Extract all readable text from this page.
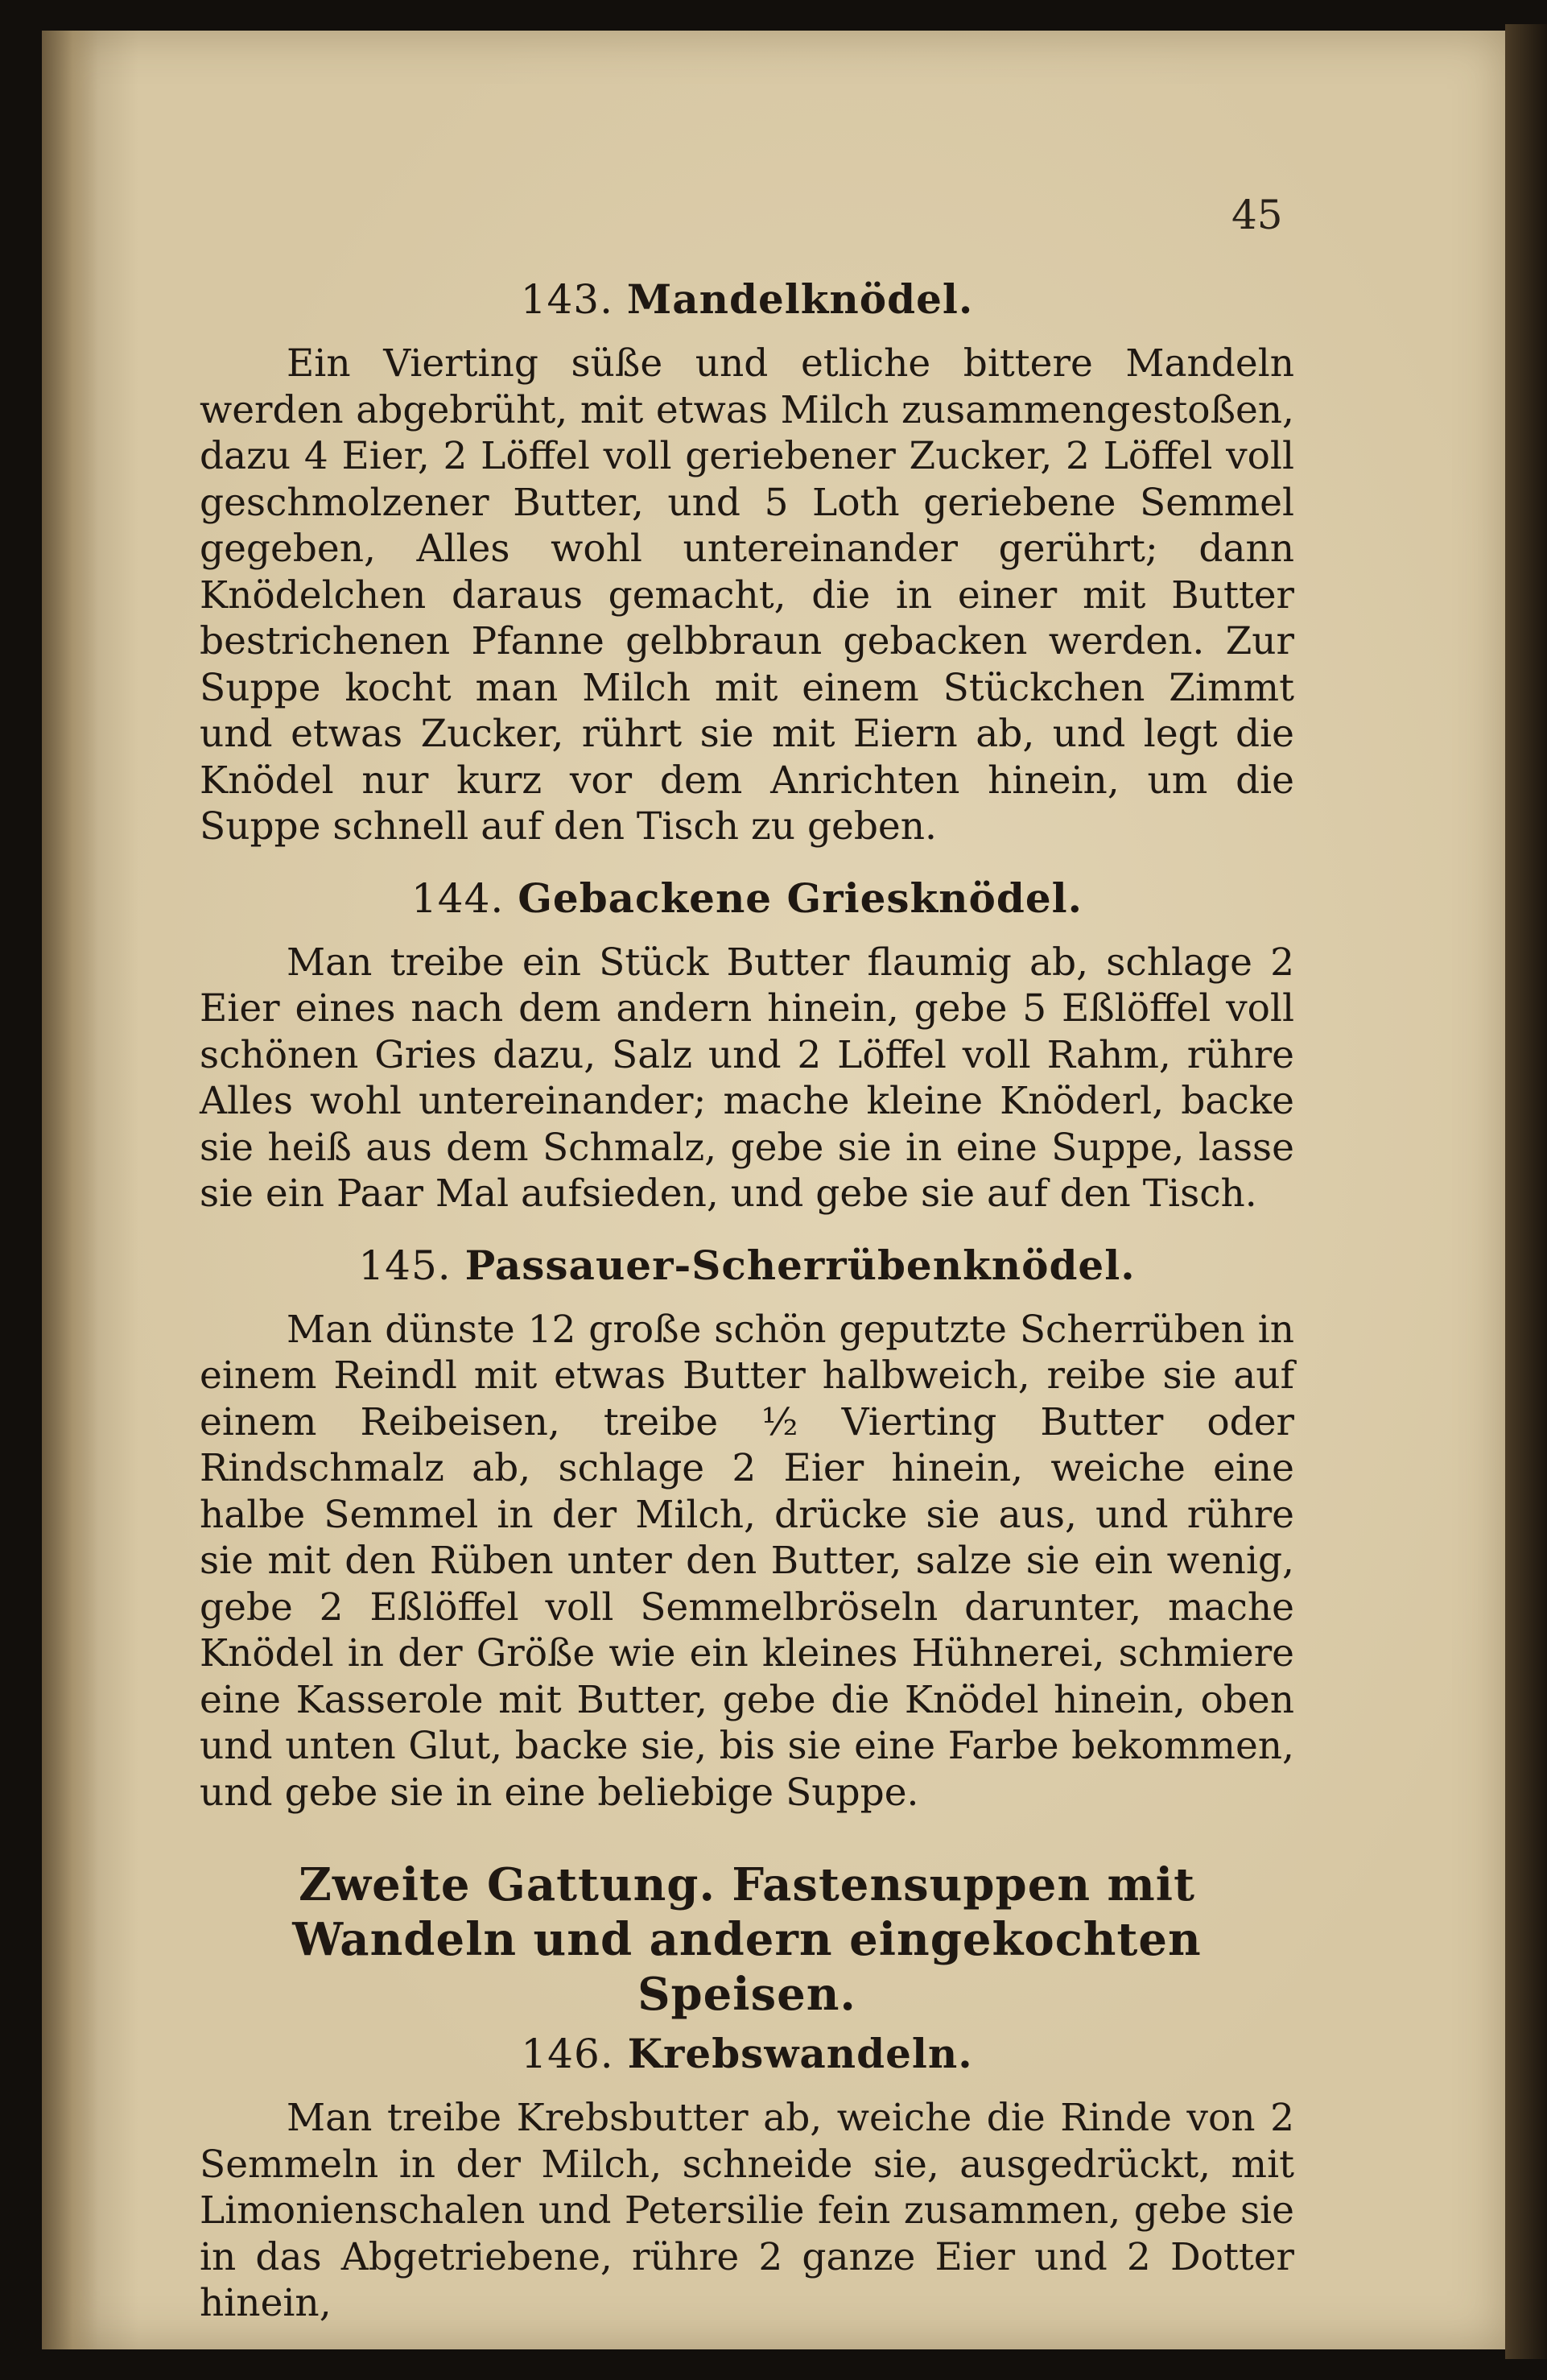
45
143. Mandelknödel.

Ein Vierting süße und etliche bittere Mandeln werden abgebrüht, mit etwas Milch zusammengestoßen, dazu 4 Eier, 2 Löffel voll geriebener Zucker, 2 Löffel voll geschmolzener Butter, und 5 Loth geriebene Semmel gegeben, Alles wohl untereinander gerührt; dann Knödelchen daraus gemacht, die in einer mit Butter bestrichenen Pfanne gelbbraun gebacken werden. Zur Suppe kocht man Milch mit einem Stückchen Zimmt und etwas Zucker, rührt sie mit Eiern ab, und legt die Knödel nur kurz vor dem Anrichten hinein, um die Suppe schnell auf den Tisch zu geben.

144. Gebackene Griesknödel.

Man treibe ein Stück Butter flaumig ab, schlage 2 Eier eines nach dem andern hinein, gebe 5 Eßlöffel voll schönen Gries dazu, Salz und 2 Löffel voll Rahm, rühre Alles wohl untereinander; mache kleine Knöderl, backe sie heiß aus dem Schmalz, gebe sie in eine Suppe, lasse sie ein Paar Mal aufsieden, und gebe sie auf den Tisch.

145. Passauer-Scherrübenknödel.

Man dünste 12 große schön geputzte Scherrüben in einem Reindl mit etwas Butter halbweich, reibe sie auf einem Reibeisen, treibe ½ Vierting Butter oder Rindschmalz ab, schlage 2 Eier hinein, weiche eine halbe Semmel in der Milch, drücke sie aus, und rühre sie mit den Rüben unter den Butter, salze sie ein wenig, gebe 2 Eßlöffel voll Semmelbröseln darunter, mache Knödel in der Größe wie ein kleines Hühnerei, schmiere eine Kasserole mit Butter, gebe die Knödel hinein, oben und unten Glut, backe sie, bis sie eine Farbe bekommen, und gebe sie in eine beliebige Suppe.

Zweite Gattung. Fastensuppen mit Wandeln und andern eingekochten Speisen.
146. Krebswandeln.

Man treibe Krebsbutter ab, weiche die Rinde von 2 Semmeln in der Milch, schneide sie, ausgedrückt, mit Limonienschalen und Petersilie fein zusammen, gebe sie in das Abgetriebene, rühre 2 ganze Eier und 2 Dotter hinein,
